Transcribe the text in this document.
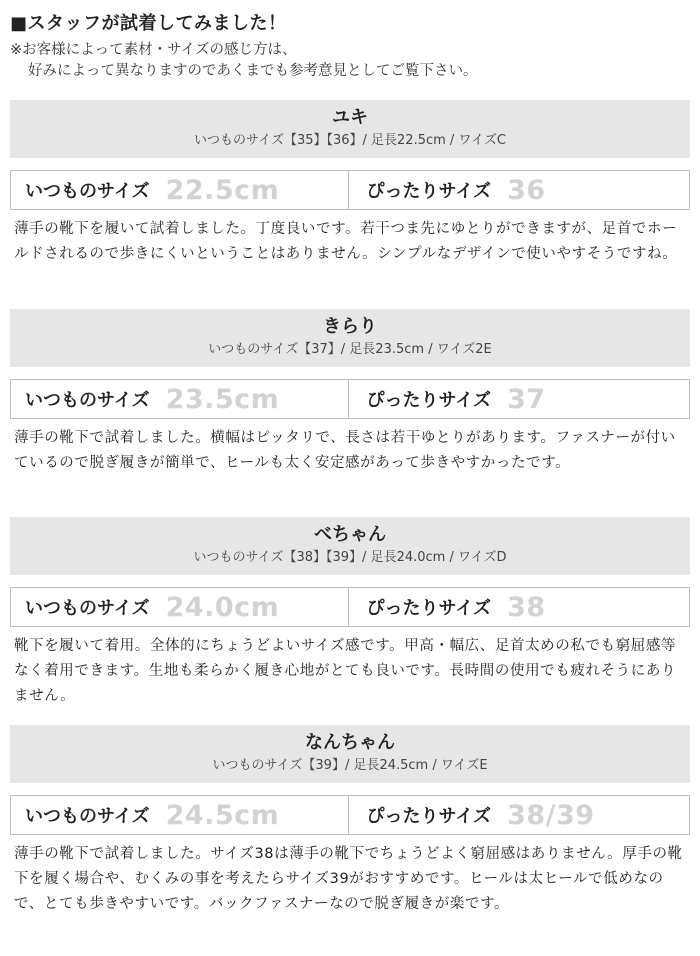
■スタッフが試着してみました！
※お客様によって素材・サイズの感じ方は、
好みによって異なりますのであくまでも参考意見としてご覧下さい。
ユキ
いつものサイズ【35】【36】/ 足長22.5cm / ワイズC
いつものサイズ 22.5cm	ぴったりサイズ 36
薄手の靴下を履いて試着しました。丁度良いです。若干つま先にゆとりができますが、足首でホールドされるので歩きにくいということはありません。シンプルなデザインで使いやすそうですね。
きらり
いつものサイズ【37】/ 足長23.5cm / ワイズ2E
いつものサイズ 23.5cm	ぴったりサイズ 37
薄手の靴下で試着しました。横幅はピッタリで、長さは若干ゆとりがあります。ファスナーが付いているので脱ぎ履きが簡単で、ヒールも太く安定感があって歩きやすかったです。
べちゃん
いつものサイズ【38】【39】/ 足長24.0cm / ワイズD
いつものサイズ 24.0cm	ぴったりサイズ 38
靴下を履いて着用。全体的にちょうどよいサイズ感です。甲高・幅広、足首太めの私でも窮屈感等なく着用できます。生地も柔らかく履き心地がとても良いです。長時間の使用でも疲れそうにありません。
なんちゃん
いつものサイズ【39】/ 足長24.5cm / ワイズE
いつものサイズ 24.5cm	ぴったりサイズ 38/39
薄手の靴下で試着しました。サイズ38は薄手の靴下でちょうどよく窮屈感はありません。厚手の靴下を履く場合や、むくみの事を考えたらサイズ39がおすすめです。ヒールは太ヒールで低めなので、とても歩きやすいです。バックファスナーなので脱ぎ履きが楽です。
